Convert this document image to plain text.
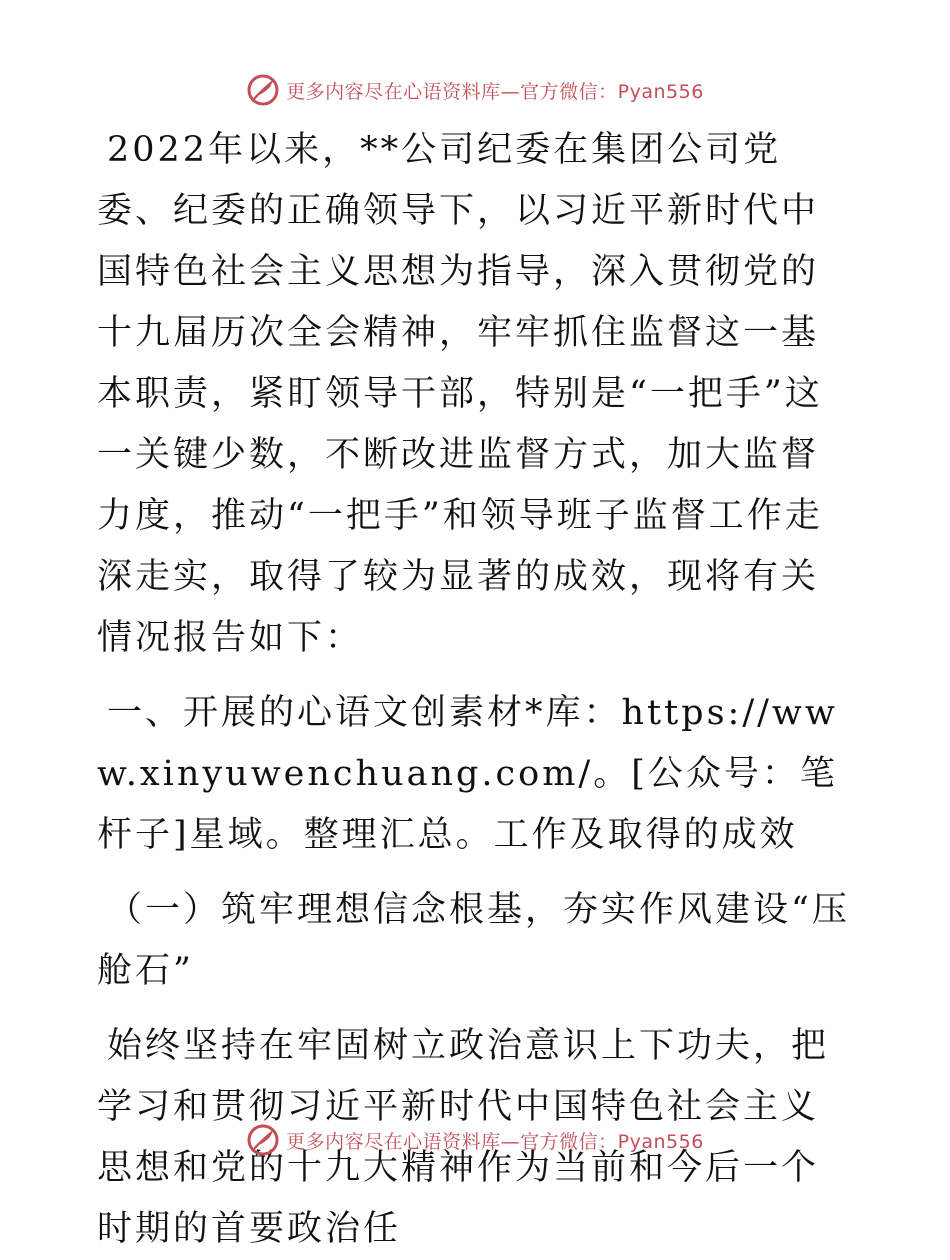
更多内容尽在心语资料库—官方微信：Pyan556

2022年以来，**公司纪委在集团公司党委、纪委的正确领导下，以习近平新时代中国特色社会主义思想为指导，深入贯彻党的十九届历次全会精神，牢牢抓住监督这一基本职责，紧盯领导干部，特别是“一把手”这一关键少数，不断改进监督方式，加大监督力度，推动“一把手”和领导班子监督工作走深走实，取得了较为显著的成效，现将有关情况报告如下：

一、开展的心语文创素材*库：https://www.xinyuwenchuang.com/。[公众号：笔杆子]星域。整理汇总。工作及取得的成效

（一）筑牢理想信念根基，夯实作风建设“压舱石”

始终坚持在牢固树立政治意识上下功夫，把学习和贯彻习近平新时代中国特色社会主义思想和党的十九大精神作为当前和今后一个时期的首要政治任

更多内容尽在心语资料库—官方微信：Pyan556
